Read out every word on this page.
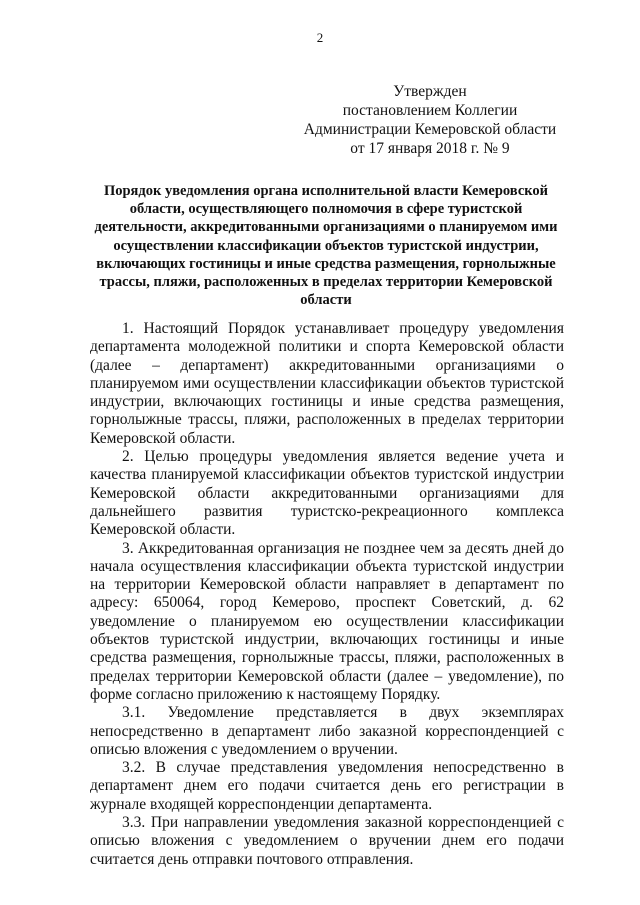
2
Утвержден
постановлением Коллегии
Администрации Кемеровской области
от 17 января 2018 г. № 9
Порядок уведомления органа исполнительной власти Кемеровской области, осуществляющего полномочия в сфере туристской деятельности, аккредитованными организациями о планируемом ими осуществлении классификации объектов туристской индустрии, включающих гостиницы и иные средства размещения, горнолыжные трассы, пляжи, расположенных в пределах территории Кемеровской области

1. Настоящий Порядок устанавливает процедуру уведомления департамента молодежной политики и спорта Кемеровской области (далее – департамент) аккредитованными организациями о планируемом ими осуществлении классификации объектов туристской индустрии, включающих гостиницы и иные средства размещения, горнолыжные трассы, пляжи, расположенных в пределах территории Кемеровской области.

2. Целью процедуры уведомления является ведение учета и качества планируемой классификации объектов туристской индустрии Кемеровской области аккредитованными организациями для дальнейшего развития туристско-рекреационного комплекса Кемеровской области.

3. Аккредитованная организация не позднее чем за десять дней до начала осуществления классификации объекта туристской индустрии на территории Кемеровской области направляет в департамент по адресу: 650064, город Кемерово, проспект Советский, д. 62 уведомление о планируемом ею осуществлении классификации объектов туристской индустрии, включающих гостиницы и иные средства размещения, горнолыжные трассы, пляжи, расположенных в пределах территории Кемеровской области (далее – уведомление), по форме согласно приложению к настоящему Порядку.

3.1. Уведомление представляется в двух экземплярах непосредственно в департамент либо заказной корреспонденцией с описью вложения с уведомлением о вручении.

3.2. В случае представления уведомления непосредственно в департамент днем его подачи считается день его регистрации в журнале входящей корреспонденции департамента.

3.3. При направлении уведомления заказной корреспонденцией с описью вложения с уведомлением о вручении днем его подачи считается день отправки почтового отправления.
